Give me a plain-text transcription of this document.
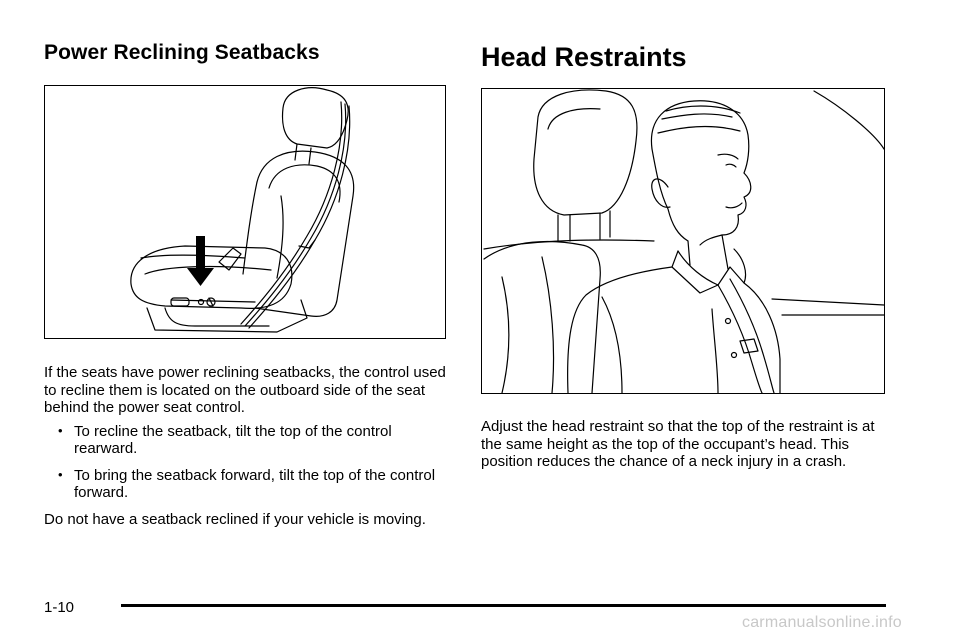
Power Reclining Seatbacks

If the seats have power reclining seatbacks, the control used to recline them is located on the outboard side of the seat behind the power seat control.

• To recline the seatback, tilt the top of the control rearward.
• To bring the seatback forward, tilt the top of the control forward.

Do not have a seatback reclined if your vehicle is moving.

Head Restraints

Adjust the head restraint so that the top of the restraint is at the same height as the top of the occupant’s head. This position reduces the chance of a neck injury in a crash.

1-10
carmanualsonline.info
